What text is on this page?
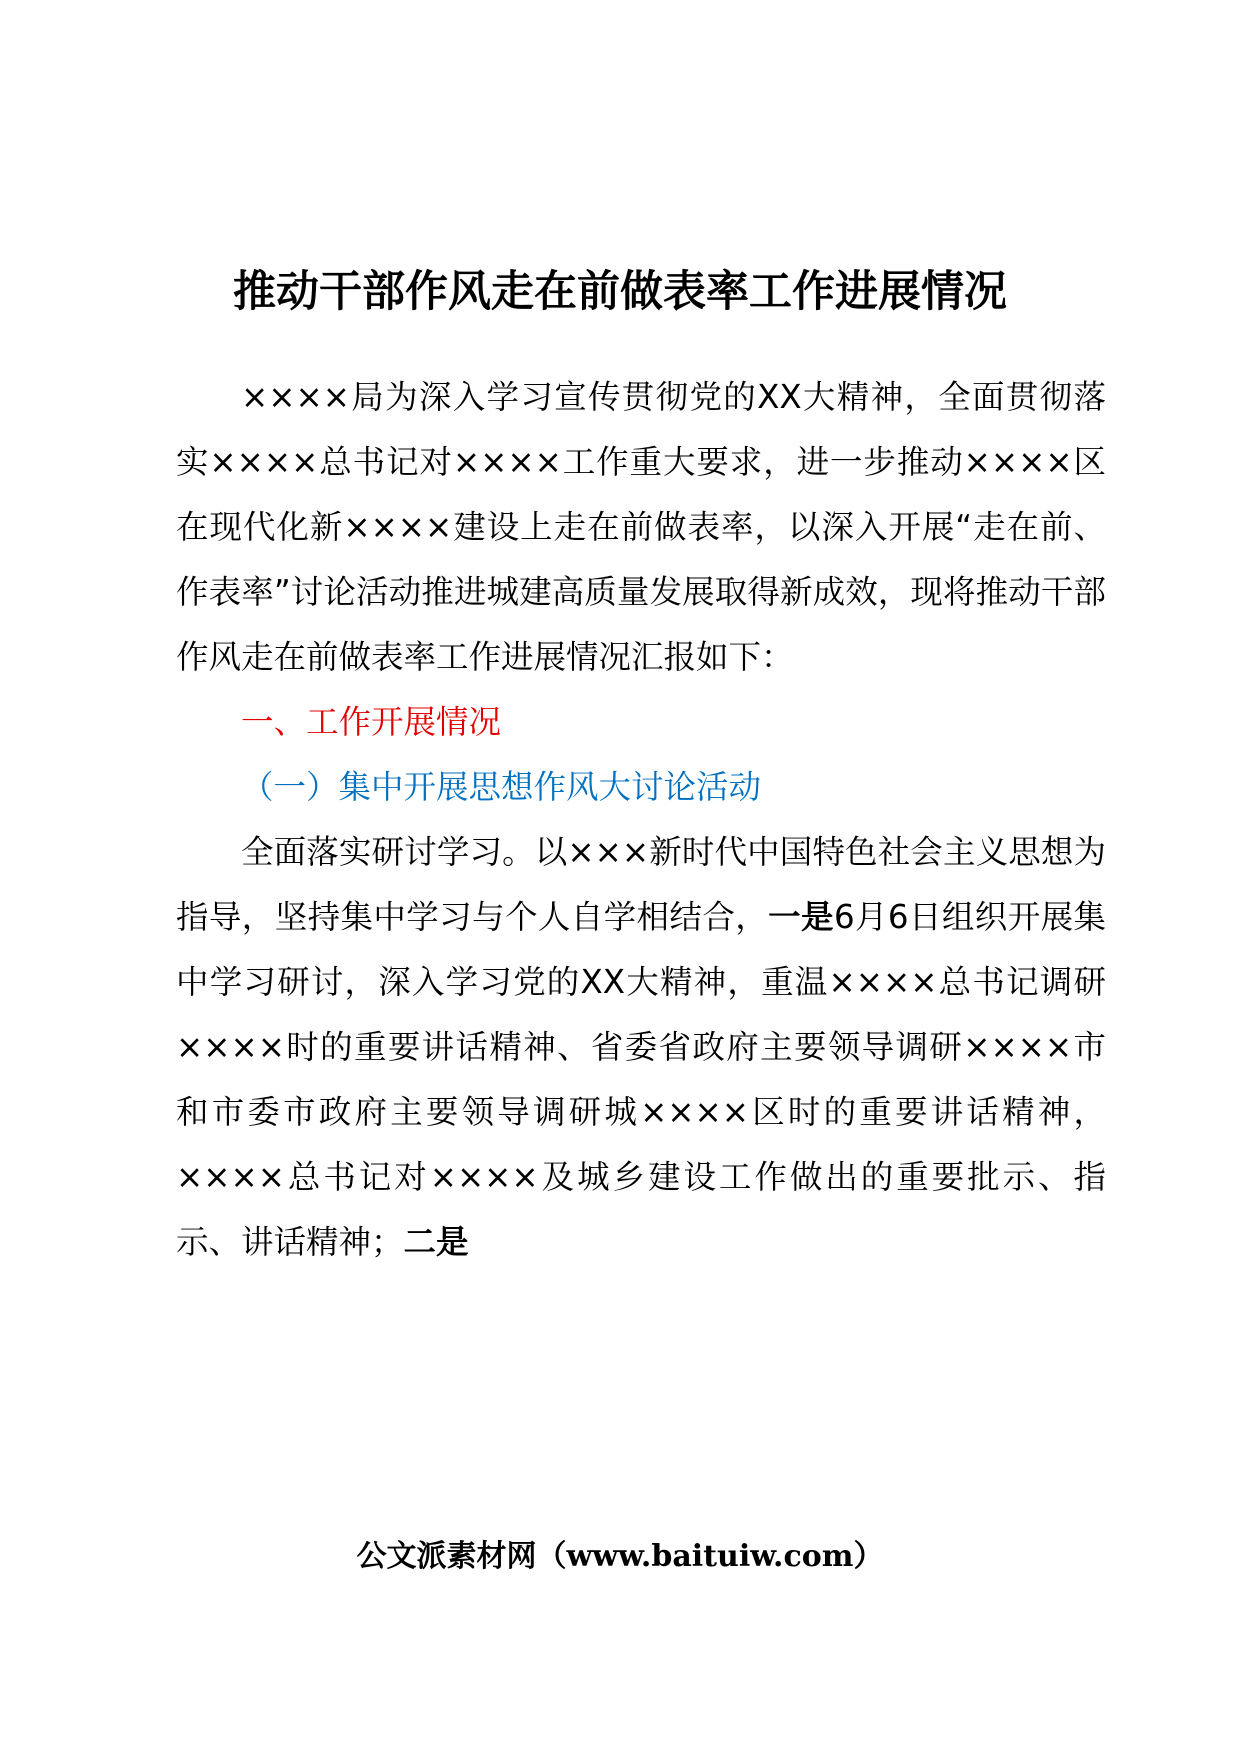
推动干部作风走在前做表率工作进展情况

××××局为深入学习宣传贯彻党的XX大精神，全面贯彻落实××××总书记对××××工作重大要求，进一步推动××××区在现代化新××××建设上走在前做表率，以深入开展“走在前、作表率”讨论活动推进城建高质量发展取得新成效，现将推动干部作风走在前做表率工作进展情况汇报如下：

一、工作开展情况

（一）集中开展思想作风大讨论活动

全面落实研讨学习。以×××新时代中国特色社会主义思想为指导，坚持集中学习与个人自学相结合，一是6月6日组织开展集中学习研讨，深入学习党的XX大精神，重温××××总书记调研××××时的重要讲话精神、省委省政府主要领导调研××××市和市委市政府主要领导调研城××××区时的重要讲话精神，××××总书记对××××及城乡建设工作做出的重要批示、指示、讲话精神；二是

公文派素材网（www.baituiw.com）
